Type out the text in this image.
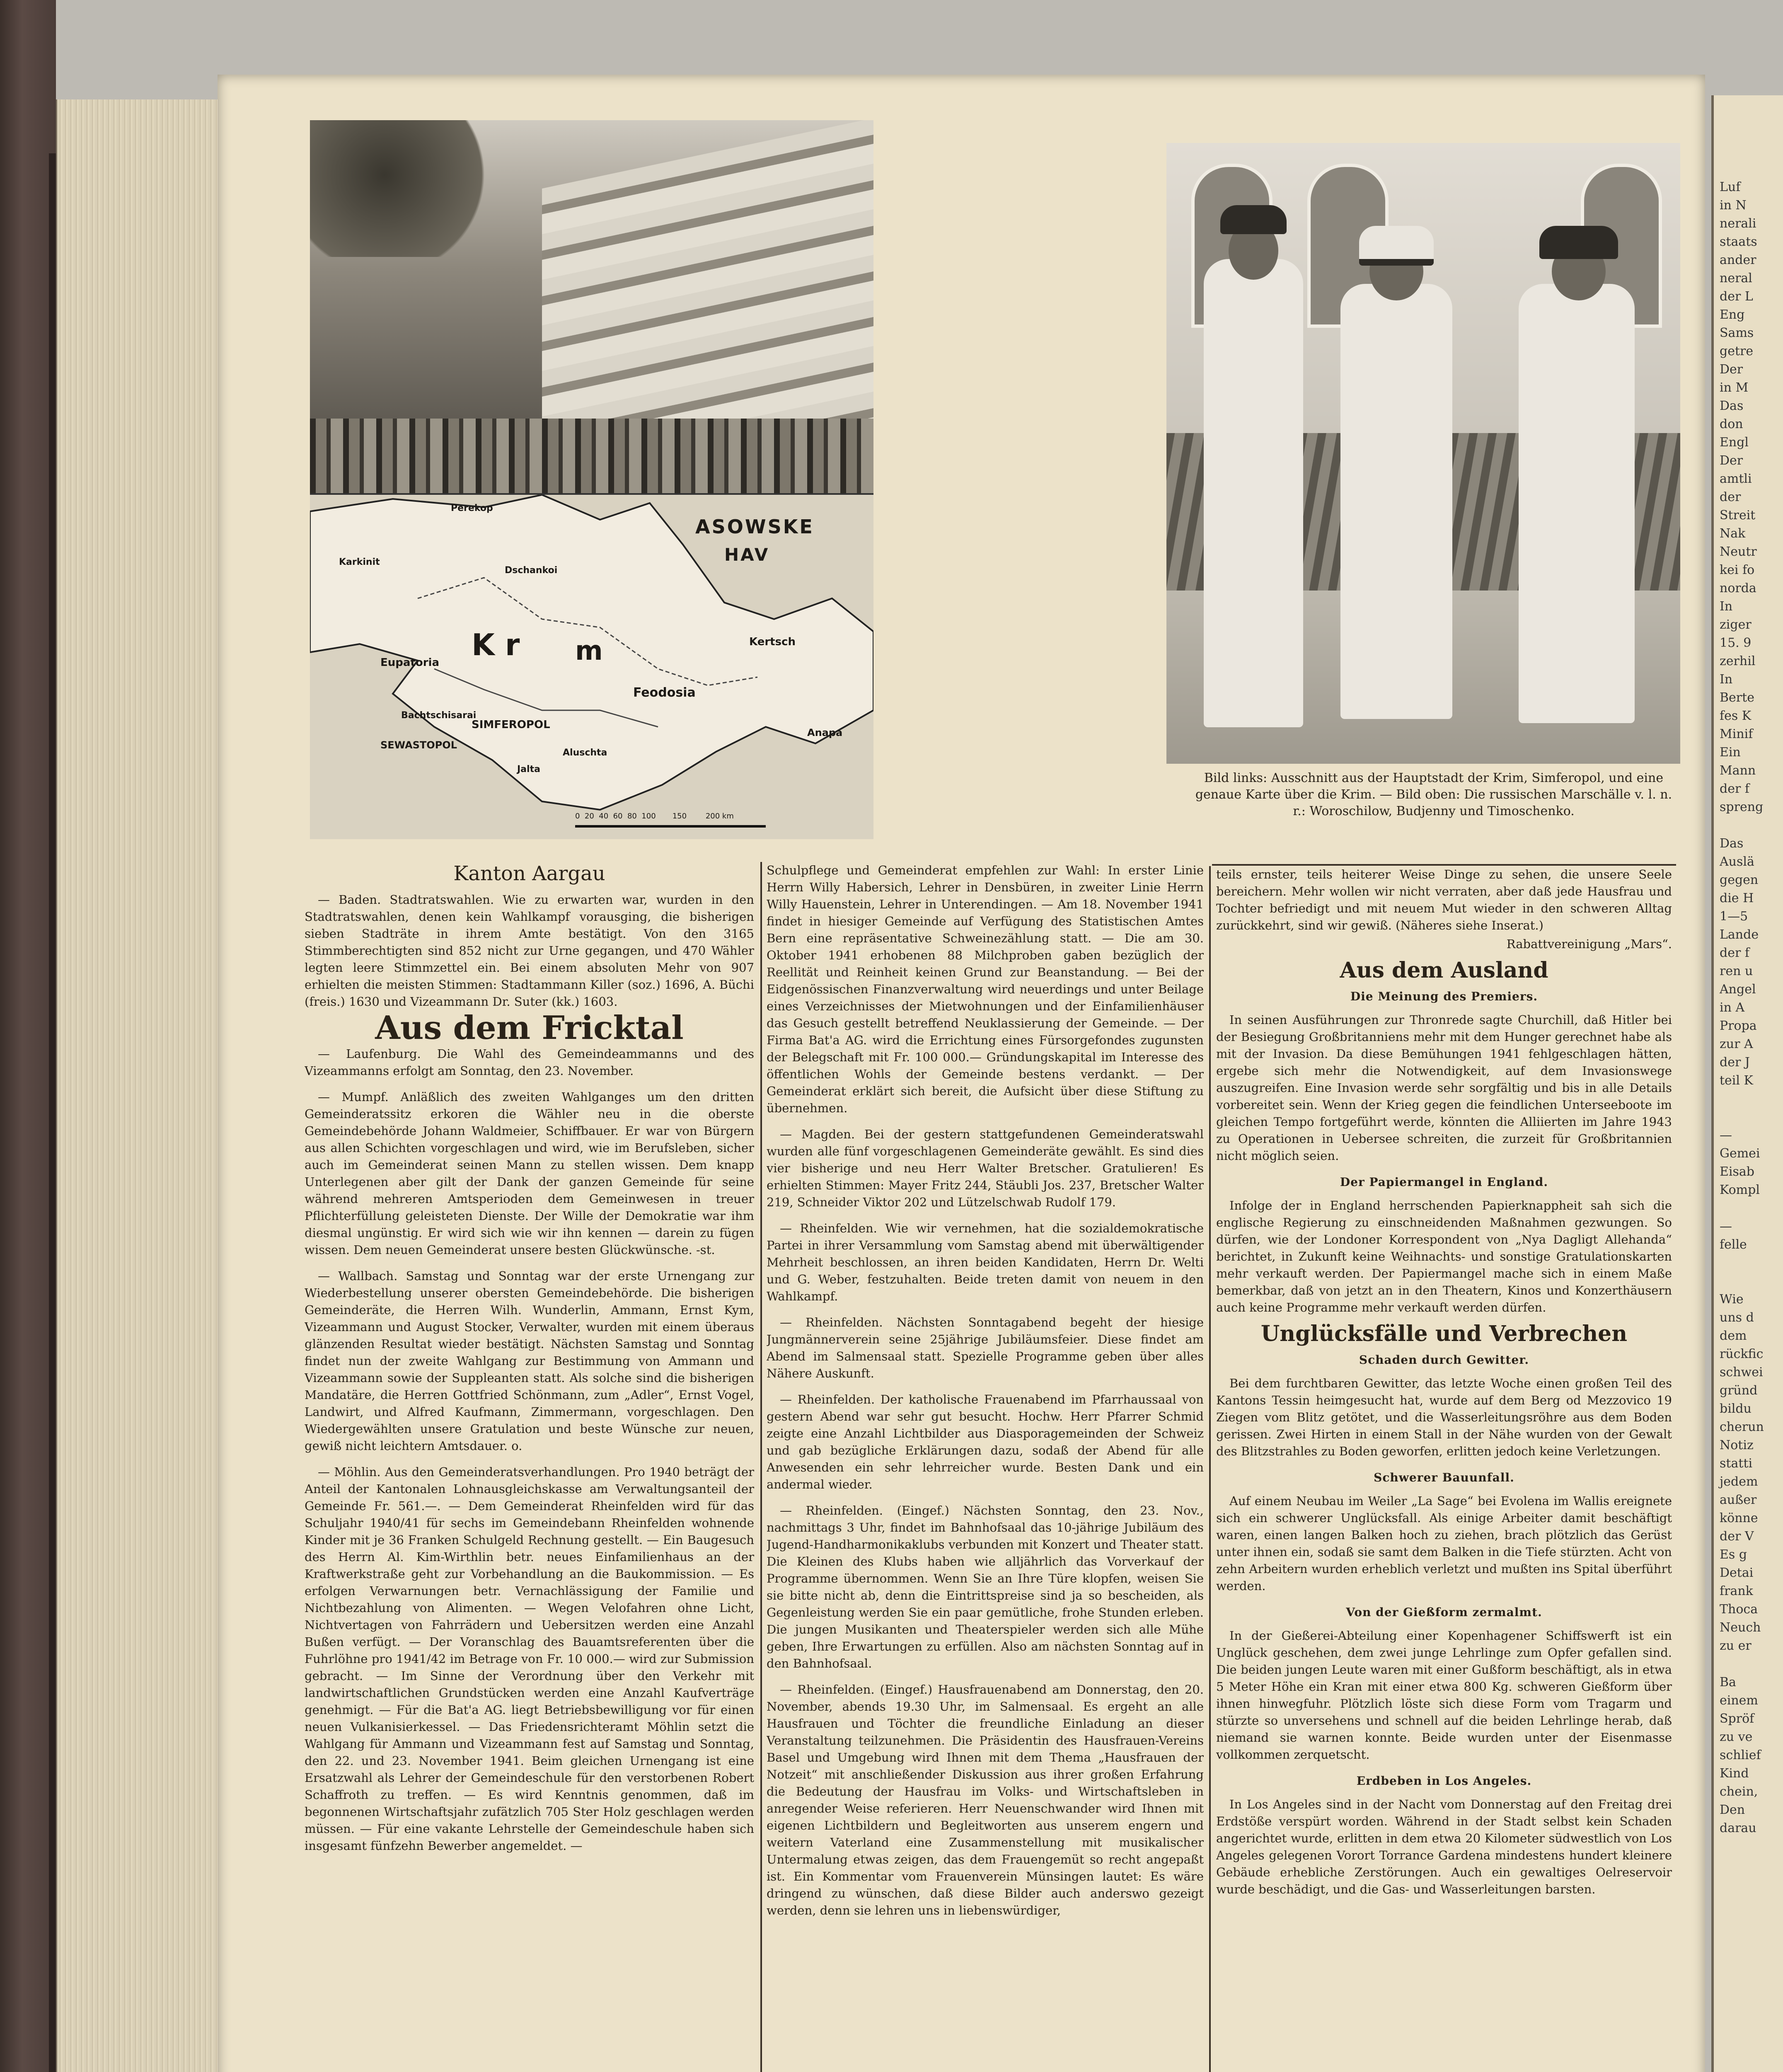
ASOWSKE
HAV
K r m
SIMFEROPOL
SEWASTOPOL
Kertsch
Feodosia
Eupatoria
Perekop
Jalta
Aluschta
Dschankoi
Bachtschisarai
Anapa
Karkinit
0  20  40  60  80  100       150        200 km
Bild links: Ausschnitt aus der Hauptstadt der Krim, Simferopol, und eine genaue Karte über die Krim. — Bild oben: Die russischen Marschälle v. l. n. r.: Woroschilow, Budjenny und Timoschenko.
Kanton Aargau

— Baden. Stadtratswahlen. Wie zu erwarten war, wurden in den Stadtratswahlen, denen kein Wahlkampf vorausging, die bisherigen sieben Stadträte in ihrem Amte bestätigt. Von den 3165 Stimmberechtigten sind 852 nicht zur Urne gegangen, und 470 Wähler legten leere Stimmzettel ein. Bei einem absoluten Mehr von 907 erhielten die meisten Stimmen: Stadtammann Killer (soz.) 1696, A. Büchi (freis.) 1630 und Vizeammann Dr. Suter (kk.) 1603.

Aus dem Fricktal

— Laufenburg. Die Wahl des Gemeindeammanns und des Vizeammanns erfolgt am Sonntag, den 23. November.

— Mumpf. Anläßlich des zweiten Wahlganges um den dritten Gemeinderatssitz erkoren die Wähler neu in die oberste Gemeindebehörde Johann Waldmeier, Schiffbauer. Er war von Bürgern aus allen Schichten vorgeschlagen und wird, wie im Berufsleben, sicher auch im Gemeinderat seinen Mann zu stellen wissen. Dem knapp Unterlegenen aber gilt der Dank der ganzen Gemeinde für seine während mehreren Amtsperioden dem Gemeinwesen in treuer Pflichterfüllung geleisteten Dienste. Der Wille der Demokratie war ihm diesmal ungünstig. Er wird sich wie wir ihn kennen — darein zu fügen wissen. Dem neuen Gemeinderat unsere besten Glückwünsche. -st.

— Wallbach. Samstag und Sonntag war der erste Urnengang zur Wiederbestellung unserer obersten Gemeindebehörde. Die bisherigen Gemeinderäte, die Herren Wilh. Wunderlin, Ammann, Ernst Kym, Vizeammann und August Stocker, Verwalter, wurden mit einem überaus glänzenden Resultat wieder bestätigt. Nächsten Samstag und Sonntag findet nun der zweite Wahlgang zur Bestimmung von Ammann und Vizeammann sowie der Suppleanten statt. Als solche sind die bisherigen Mandatäre, die Herren Gottfried Schönmann, zum „Adler“, Ernst Vogel, Landwirt, und Alfred Kaufmann, Zimmermann, vorgeschlagen. Den Wiedergewählten unsere Gratulation und beste Wünsche zur neuen, gewiß nicht leichtern Amtsdauer. o.

— Möhlin. Aus den Gemeinderatsverhandlungen. Pro 1940 beträgt der Anteil der Kantonalen Lohnausgleichskasse am Verwaltungsanteil der Gemeinde Fr. 561.—. — Dem Gemeinderat Rheinfelden wird für das Schuljahr 1940/41 für sechs im Gemeindebann Rheinfelden wohnende Kinder mit je 36 Franken Schulgeld Rechnung gestellt. — Ein Baugesuch des Herrn Al. Kim-Wirthlin betr. neues Einfamilienhaus an der Kraftwerkstraße geht zur Vorbehandlung an die Baukommission. — Es erfolgen Verwarnungen betr. Vernachlässigung der Familie und Nichtbezahlung von Alimenten. — Wegen Velofahren ohne Licht, Nichtvertagen von Fahrrädern und Uebersitzen werden eine Anzahl Bußen verfügt. — Der Voranschlag des Bauamtsreferenten über die Fuhrlöhne pro 1941/42 im Betrage von Fr. 10 000.— wird zur Submission gebracht. — Im Sinne der Verordnung über den Verkehr mit landwirtschaftlichen Grundstücken werden eine Anzahl Kaufverträge genehmigt. — Für die Bat'a AG. liegt Betriebsbewilligung vor für einen neuen Vulkanisierkessel. — Das Friedensrichteramt Möhlin setzt die Wahlgang für Ammann und Vizeammann fest auf Samstag und Sonntag, den 22. und 23. November 1941. Beim gleichen Urnengang ist eine Ersatzwahl als Lehrer der Gemeindeschule für den verstorbenen Robert Schaffroth zu treffen. — Es wird Kenntnis genommen, daß im begonnenen Wirtschaftsjahr zufätzlich 705 Ster Holz geschlagen werden müssen. — Für eine vakante Lehrstelle der Gemeindeschule haben sich insgesamt fünfzehn Bewerber angemeldet. —

Schulpflege und Gemeinderat empfehlen zur Wahl: In erster Linie Herrn Willy Habersich, Lehrer in Densbüren, in zweiter Linie Herrn Willy Hauenstein, Lehrer in Unterendingen. — Am 18. November 1941 findet in hiesiger Gemeinde auf Verfügung des Statistischen Amtes Bern eine repräsentative Schweinezählung statt. — Die am 30. Oktober 1941 erhobenen 88 Milchproben gaben bezüglich der Reellität und Reinheit keinen Grund zur Beanstandung. — Bei der Eidgenössischen Finanzverwaltung wird neuerdings und unter Beilage eines Verzeichnisses der Mietwohnungen und der Einfamilienhäuser das Gesuch gestellt betreffend Neuklassierung der Gemeinde. — Der Firma Bat'a AG. wird die Errichtung eines Fürsorgefondes zugunsten der Belegschaft mit Fr. 100 000.— Gründungskapital im Interesse des öffentlichen Wohls der Gemeinde bestens verdankt. — Der Gemeinderat erklärt sich bereit, die Aufsicht über diese Stiftung zu übernehmen.

— Magden. Bei der gestern stattgefundenen Gemeinderatswahl wurden alle fünf vorgeschlagenen Gemeinderäte gewählt. Es sind dies vier bisherige und neu Herr Walter Bretscher. Gratulieren! Es erhielten Stimmen: Mayer Fritz 244, Stäubli Jos. 237, Bretscher Walter 219, Schneider Viktor 202 und Lützelschwab Rudolf 179.

— Rheinfelden. Wie wir vernehmen, hat die sozialdemokratische Partei in ihrer Versammlung vom Samstag abend mit überwältigender Mehrheit beschlossen, an ihren beiden Kandidaten, Herrn Dr. Welti und G. Weber, festzuhalten. Beide treten damit von neuem in den Wahlkampf.

— Rheinfelden. Nächsten Sonntagabend begeht der hiesige Jungmännerverein seine 25jährige Jubiläumsfeier. Diese findet am Abend im Salmensaal statt. Spezielle Programme geben über alles Nähere Auskunft.

— Rheinfelden. Der katholische Frauenabend im Pfarrhaussaal von gestern Abend war sehr gut besucht. Hochw. Herr Pfarrer Schmid zeigte eine Anzahl Lichtbilder aus Diasporagemeinden der Schweiz und gab bezügliche Erklärungen dazu, sodaß der Abend für alle Anwesenden ein sehr lehrreicher wurde. Besten Dank und ein andermal wieder.

— Rheinfelden. (Eingef.) Nächsten Sonntag, den 23. Nov., nachmittags 3 Uhr, findet im Bahnhofsaal das 10-jährige Jubiläum des Jugend-Handharmonikaklubs verbunden mit Konzert und Theater statt. Die Kleinen des Klubs haben wie alljährlich das Vorverkauf der Programme übernommen. Wenn Sie an Ihre Türe klopfen, weisen Sie sie bitte nicht ab, denn die Eintrittspreise sind ja so bescheiden, als Gegenleistung werden Sie ein paar gemütliche, frohe Stunden erleben. Die jungen Musikanten und Theaterspieler werden sich alle Mühe geben, Ihre Erwartungen zu erfüllen. Also am nächsten Sonntag auf in den Bahnhofsaal.

— Rheinfelden. (Eingef.) Hausfrauenabend am Donnerstag, den 20. November, abends 19.30 Uhr, im Salmensaal. Es ergeht an alle Hausfrauen und Töchter die freundliche Einladung an dieser Veranstaltung teilzunehmen. Die Präsidentin des Hausfrauen-Vereins Basel und Umgebung wird Ihnen mit dem Thema „Hausfrauen der Notzeit“ mit anschließender Diskussion aus ihrer großen Erfahrung die Bedeutung der Hausfrau im Volks- und Wirtschaftsleben in anregender Weise referieren. Herr Neuenschwander wird Ihnen mit eigenen Lichtbildern und Begleitworten aus unserem engern und weitern Vaterland eine Zusammenstellung mit musikalischer Untermalung etwas zeigen, das dem Frauengemüt so recht angepaßt ist. Ein Kommentar vom Frauenverein Münsingen lautet: Es wäre dringend zu wünschen, daß diese Bilder auch anderswo gezeigt werden, denn sie lehren uns in liebenswürdiger,

teils ernster, teils heiterer Weise Dinge zu sehen, die unsere Seele bereichern. Mehr wollen wir nicht verraten, aber daß jede Hausfrau und Tochter befriedigt und mit neuem Mut wieder in den schweren Alltag zurückkehrt, sind wir gewiß. (Näheres siehe Inserat.)

Rabattvereinigung „Mars“.
Aus dem Ausland
Die Meinung des Premiers.

In seinen Ausführungen zur Thronrede sagte Churchill, daß Hitler bei der Besiegung Großbritanniens mehr mit dem Hunger gerechnet habe als mit der Invasion. Da diese Bemühungen 1941 fehlgeschlagen hätten, ergebe sich mehr die Notwendigkeit, auf dem Invasionswege auszugreifen. Eine Invasion werde sehr sorgfältig und bis in alle Details vorbereitet sein. Wenn der Krieg gegen die feindlichen Unterseeboote im gleichen Tempo fortgeführt werde, könnten die Alliierten im Jahre 1943 zu Operationen in Uebersee schreiten, die zurzeit für Großbritannien nicht möglich seien.

Der Papiermangel in England.

Infolge der in England herrschenden Papierknappheit sah sich die englische Regierung zu einschneidenden Maßnahmen gezwungen. So dürfen, wie der Londoner Korrespondent von „Nya Dagligt Allehanda“ berichtet, in Zukunft keine Weihnachts- und sonstige Gratulationskarten mehr verkauft werden. Der Papiermangel mache sich in einem Maße bemerkbar, daß von jetzt an in den Theatern, Kinos und Konzerthäusern auch keine Programme mehr verkauft werden dürfen.

Unglücksfälle und Verbrechen
Schaden durch Gewitter.

Bei dem furchtbaren Gewitter, das letzte Woche einen großen Teil des Kantons Tessin heimgesucht hat, wurde auf dem Berg od Mezzovico 19 Ziegen vom Blitz getötet, und die Wasserleitungsröhre aus dem Boden gerissen. Zwei Hirten in einem Stall in der Nähe wurden von der Gewalt des Blitzstrahles zu Boden geworfen, erlitten jedoch keine Verletzungen.

Schwerer Bauunfall.

Auf einem Neubau im Weiler „La Sage“ bei Evolena im Wallis ereignete sich ein schwerer Unglücksfall. Als einige Arbeiter damit beschäftigt waren, einen langen Balken hoch zu ziehen, brach plötzlich das Gerüst unter ihnen ein, sodaß sie samt dem Balken in die Tiefe stürzten. Acht von zehn Arbeitern wurden erheblich verletzt und mußten ins Spital überführt werden.

Von der Gießform zermalmt.

In der Gießerei-Abteilung einer Kopenhagener Schiffswerft ist ein Unglück geschehen, dem zwei junge Lehrlinge zum Opfer gefallen sind. Die beiden jungen Leute waren mit einer Gußform beschäftigt, als in etwa 5 Meter Höhe ein Kran mit einer etwa 800 Kg. schweren Gießform über ihnen hinwegfuhr. Plötzlich löste sich diese Form vom Tragarm und stürzte so unversehens und schnell auf die beiden Lehrlinge herab, daß niemand sie warnen konnte. Beide wurden unter der Eisenmasse vollkommen zerquetscht.

Erdbeben in Los Angeles.

In Los Angeles sind in der Nacht vom Donnerstag auf den Freitag drei Erdstöße verspürt worden. Während in der Stadt selbst kein Schaden angerichtet wurde, erlitten in dem etwa 20 Kilometer südwestlich von Los Angeles gelegenen Vorort Torrance Gardena mindestens hundert kleinere Gebäude erhebliche Zerstörungen. Auch ein gewaltiges Oelreservoir wurde beschädigt, und die Gas- und Wasserleitungen barsten.

Luf
in N
nerali
staats
ander
neral
der L
Eng
Sams
getre
Der
in M
Das
don
Engl
Der
amtli
der
Streit
Nak
Neutr
kei fo
norda
In
ziger
15. 9
zerhil
In
Berte
fes K
Minif
Ein
Mann
der f
spreng

Das
Auslä
gegen
die H
1—5
Lande
der f
ren u
Angel
in A
Propa
zur A
der J
teil K

—
Gemei
Eisab
Kompl

—
felle

Wie
uns d
dem
rückfic
schwei
gründ
bildu
cherun
Notiz
statti
jedem
außer
könne
der V
Es g
Detai
frank
Thoca
Neuch
zu er

Ba
einem
Spröf
zu ve
schlief
Kind
chein,
Den
darau
